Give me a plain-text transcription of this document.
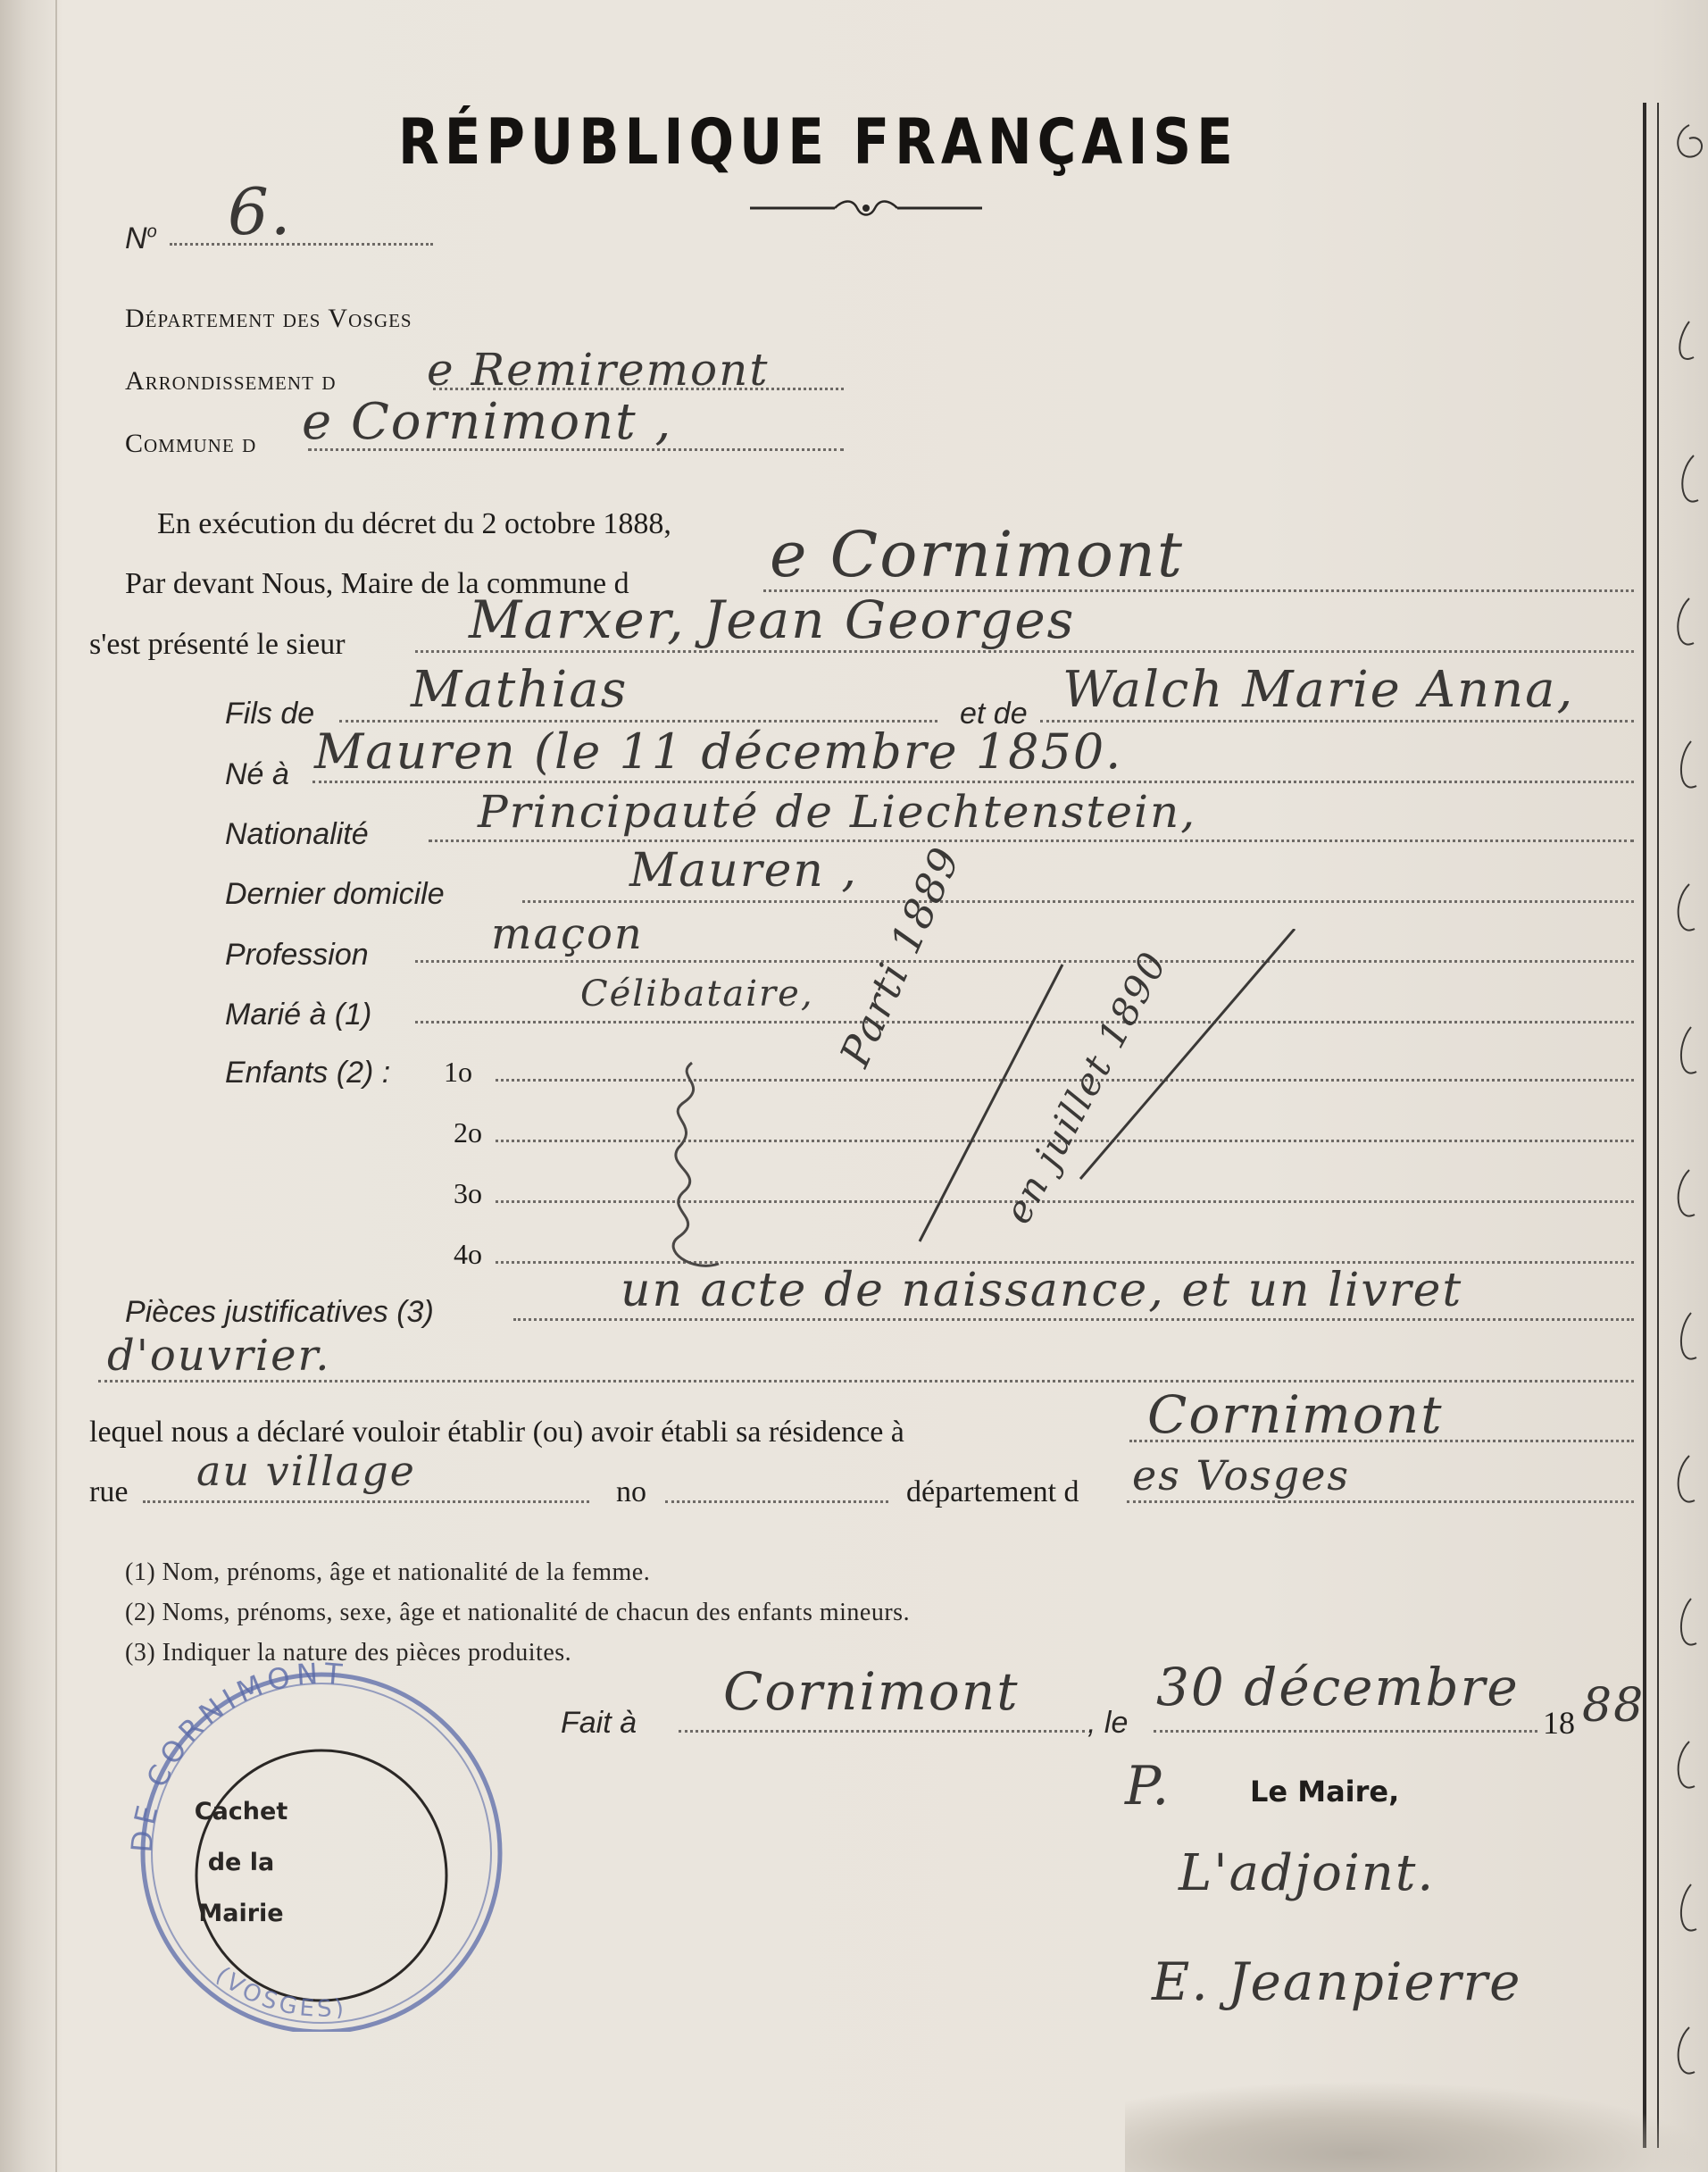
RÉPUBLIQUE FRANÇAISE
$N^o$ 6.
Département des Vosges
Arrondissement d e Remiremont
Commune d e Cornimont ,
En exécution du décret du 2 octobre 1888,
Par devant Nous, Maire de la commune d e Cornimont
s'est présenté le sieur Marxer, Jean Georges
Fils de Mathias	et de Walch Marie Anna,
Né à Mauren (le 11 décembre 1850.
Nationalité Principauté de Liechtenstein,
Dernier domicile	Mauren ,
Profession	maçon
Marié à (1)	Célibataire,
Enfants (2) : 1o
2o
3o
4o
Parti 1889 en juillet 1890
Pièces justificatives (3)	un acte de naissance, et un livret
d'ouvrier.
lequel nous a déclaré vouloir établir (ou) avoir établi sa résidence à	Cornimont
rue au village	no	département d es Vosges
(1) Nom, prénoms, âge et nationalité de la femme.
(2) Noms, prénoms, sexe, âge et nationalité de chacun des enfants mineurs.
(3) Indiquer la nature des pièces produites.
DE CORNIMONT
(VOSGES)
Cachet
de la
Mairie
Fait à
Cornimont
, le
30 décembre
18 88
P.	Le Maire,
L'adjoint.
E. Jeanpierre
